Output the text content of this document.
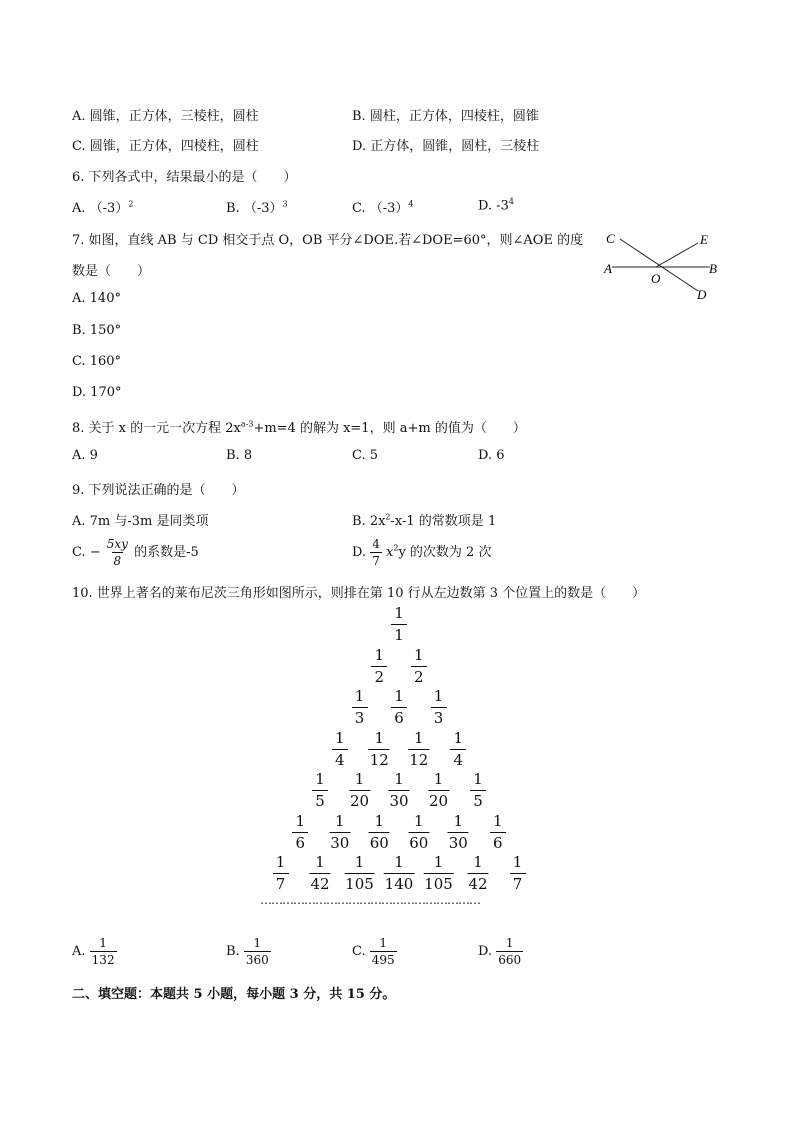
A. 圆锥，正方体，三棱柱，圆柱	B. 圆柱，正方体，四棱柱，圆锥
C. 圆锥，正方体，四棱柱，圆柱	D. 正方体，圆锥，圆柱，三棱柱
6. 下列各式中，结果最小的是（　　）
A. $(-3)^2$	B. $(-3)^3$	C. $(-3)^4$	D. $-3^4$
7. 如图，直线 AB 与 CD 相交于点 O，OB 平分∠DOE.若∠DOE=60°，则∠AOE 的度
数是（　　）
A. 140°
B. 150°
C. 160°
D. 170°
A	B
C
D
E
O
8. 关于 x 的一元一次方程 $2x^{a-3}+m=4$ 的解为 x=1，则 a+m 的值为（　　）
A. 9	B. 8	C. 5	D. 6
9. 下列说法正确的是（　　）
A. 7m 与-3m 是同类项	B. $2x^2-x-1$ 的常数项是 1
C. − $\frac{5xy}{8}$ 的系数是-5	D. $\frac{4}{7} x^2y$ 的次数为 2 次
10. 世界上著名的莱布尼茨三角形如图所示，则排在第 10 行从左边数第 3 个位置上的数是（　　）
$\frac{1}{1}$
$\frac{1}{2} \frac{1}{2}$
$\frac{1}{3} \frac{1}{6} \frac{1}{3}$
$\frac{1}{4} \frac{1}{12} \frac{1}{12} \frac{1}{4}$
$\frac{1}{5} \frac{1}{20} \frac{1}{30} \frac{1}{20} \frac{1}{5}$
$\frac{1}{6} \frac{1}{30} \frac{1}{60} \frac{1}{60} \frac{1}{30} \frac{1}{6}$
$\frac{1}{7} \frac{1}{42} \frac{1}{105} \frac{1}{140} \frac{1}{105} \frac{1}{42} \frac{1}{7}$
……………………………………………………
A. $\frac{1}{132}$	B. $\frac{1}{360}$	C. $\frac{1}{495}$	D. $\frac{1}{660}$
二、填空题：本题共 5 小题，每小题 3 分，共 15 分。
